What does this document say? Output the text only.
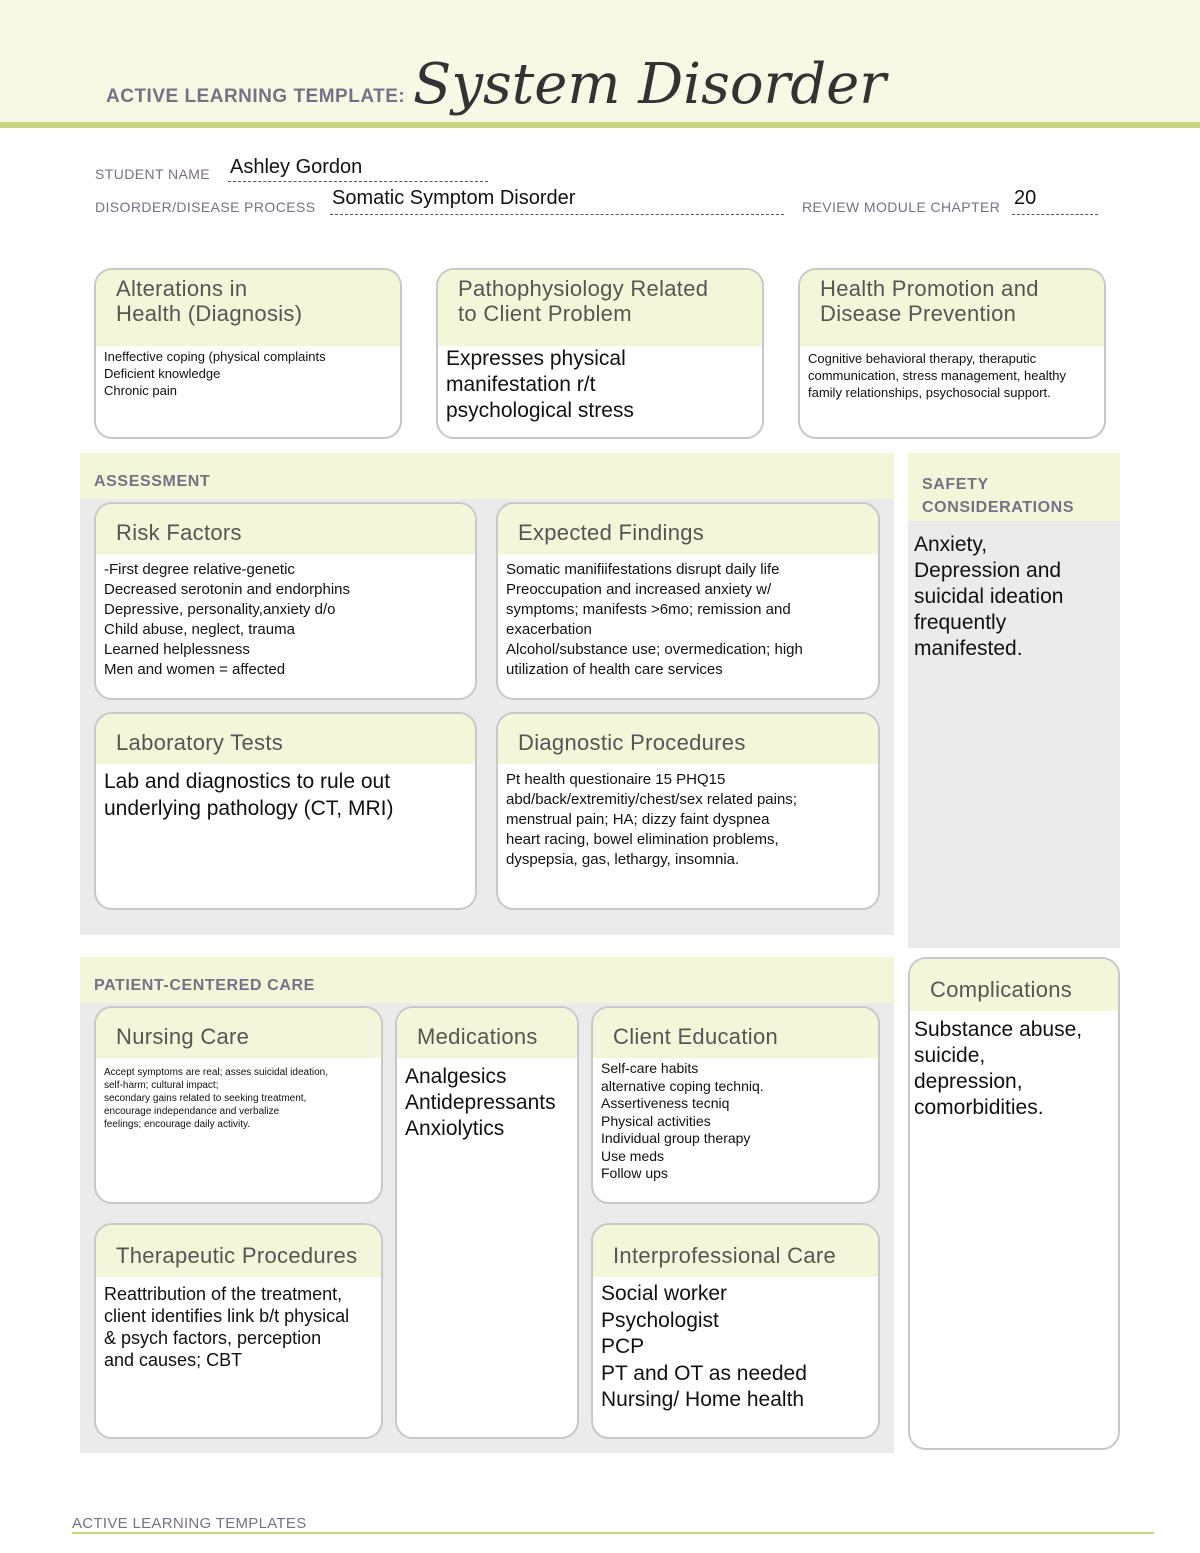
ACTIVE LEARNING TEMPLATE: System Disorder
STUDENT NAME Ashley Gordon
DISORDER/DISEASE PROCESS Somatic Symptom Disorder	REVIEW MODULE CHAPTER 20
Alterations in
Health (Diagnosis)
Ineffective coping (physical complaints
Deficient knowledge
Chronic pain
Pathophysiology Related
to Client Problem
Expresses physical
manifestation r/t
psychological stress
Health Promotion and
Disease Prevention
Cognitive behavioral therapy, theraputic communication, stress management, healthy family relationships, psychosocial support.
ASSESSMENT
Risk Factors
-First degree relative-genetic
Decreased serotonin and endorphins
Depressive, personality,anxiety d/o
Child abuse, neglect, trauma
Learned helplessness
Men and women = affected
Expected Findings
Somatic manifiifestations disrupt daily life
Preoccupation and increased anxiety w/
symptoms; manifests >6mo; remission and
exacerbation
Alcohol/substance use; overmedication; high
utilization of health care services
Laboratory Tests
Lab and diagnostics to rule out
underlying pathology (CT, MRI)
Diagnostic Procedures
Pt health questionaire 15 PHQ15
abd/back/extremitiy/chest/sex related pains;
menstrual pain; HA; dizzy faint dyspnea
heart racing, bowel elimination problems,
dyspepsia, gas, lethargy, insomnia.
SAFETY
CONSIDERATIONS
Anxiety,
Depression and
suicidal ideation
frequently
manifested.
PATIENT-CENTERED CARE
Nursing Care
Accept symptoms are real; asses suicidal ideation,
self-harm; cultural impact;
secondary gains related to seeking treatment,
encourage independance and verbalize
feelings; encourage daily activity.
Medications
Analgesics
Antidepressants
Anxiolytics
Client Education
Self-care habits
alternative coping techniq.
Assertiveness tecniq
Physical activities
Individual group therapy
Use meds
Follow ups
Therapeutic Procedures
Reattribution of the treatment,
client identifies link b/t physical
& psych factors, perception
and causes; CBT
Interprofessional Care
Social worker
Psychologist
PCP
PT and OT as needed
Nursing/ Home health
Complications
Substance abuse,
suicide,
depression,
comorbidities.
ACTIVE LEARNING TEMPLATES
